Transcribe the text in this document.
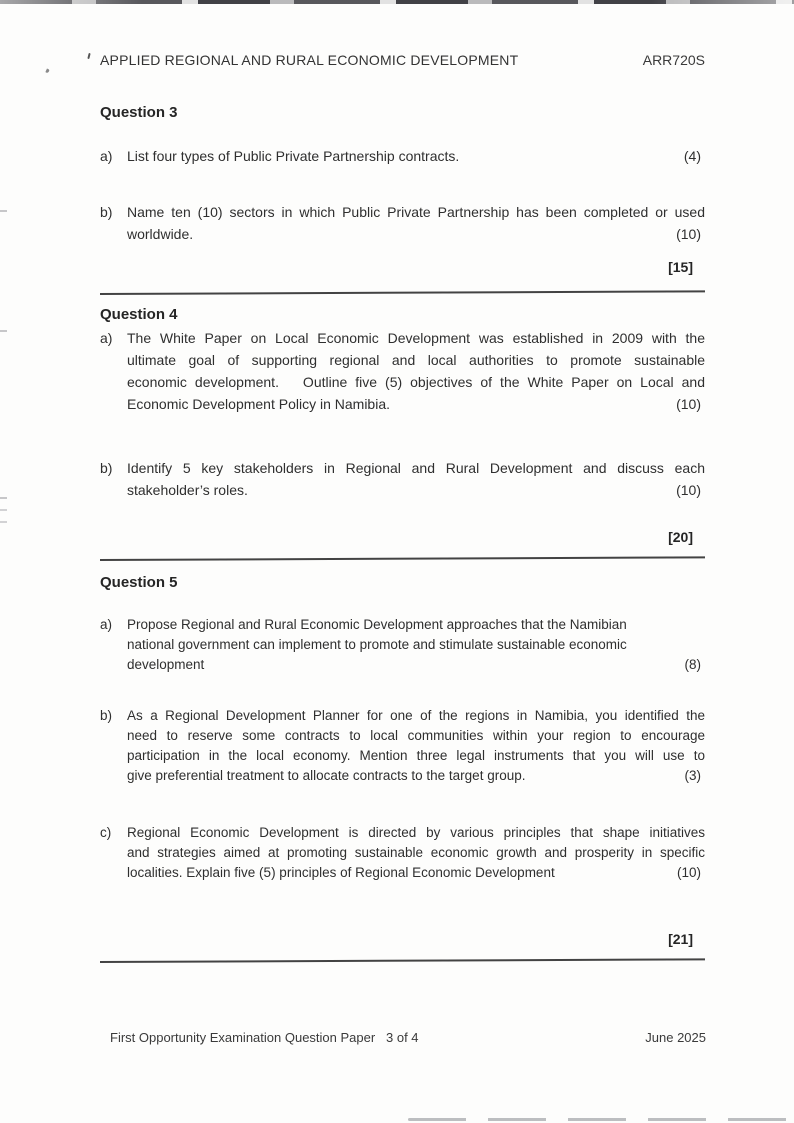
APPLIED REGIONAL AND RURAL ECONOMIC DEVELOPMENT	ARR720S
Question 3
a)	List four types of Public Private Partnership contracts.	(4)
b)	Name ten (10) sectors in which Public Private Partnership has been completed or used
worldwide.	(10)
[15]
Question 4
a)	The White Paper on Local Economic Development was established in 2009 with the
ultimate goal of supporting regional and local authorities to promote sustainable
economic development.   Outline five (5) objectives of the White Paper on Local and
Economic Development Policy in Namibia.	(10)
b)	Identify 5 key stakeholders in Regional and Rural Development and discuss each
stakeholder’s roles.	(10)
[20]
Question 5
a)	Propose Regional and Rural Economic Development approaches that the Namibian
national government can implement to promote and stimulate sustainable economic
development	(8)
b)	As a Regional Development Planner for one of the regions in Namibia, you identified the
need to reserve some contracts to local communities within your region to encourage
participation in the local economy. Mention three legal instruments that you will use to
give preferential treatment to allocate contracts to the target group.	(3)
c)	Regional Economic Development is directed by various principles that shape initiatives
and strategies aimed at promoting sustainable economic growth and prosperity in specific
localities. Explain five (5) principles of Regional Economic Development	(10)
[21]
First Opportunity Examination Question Paper 3 of 4	June 2025
